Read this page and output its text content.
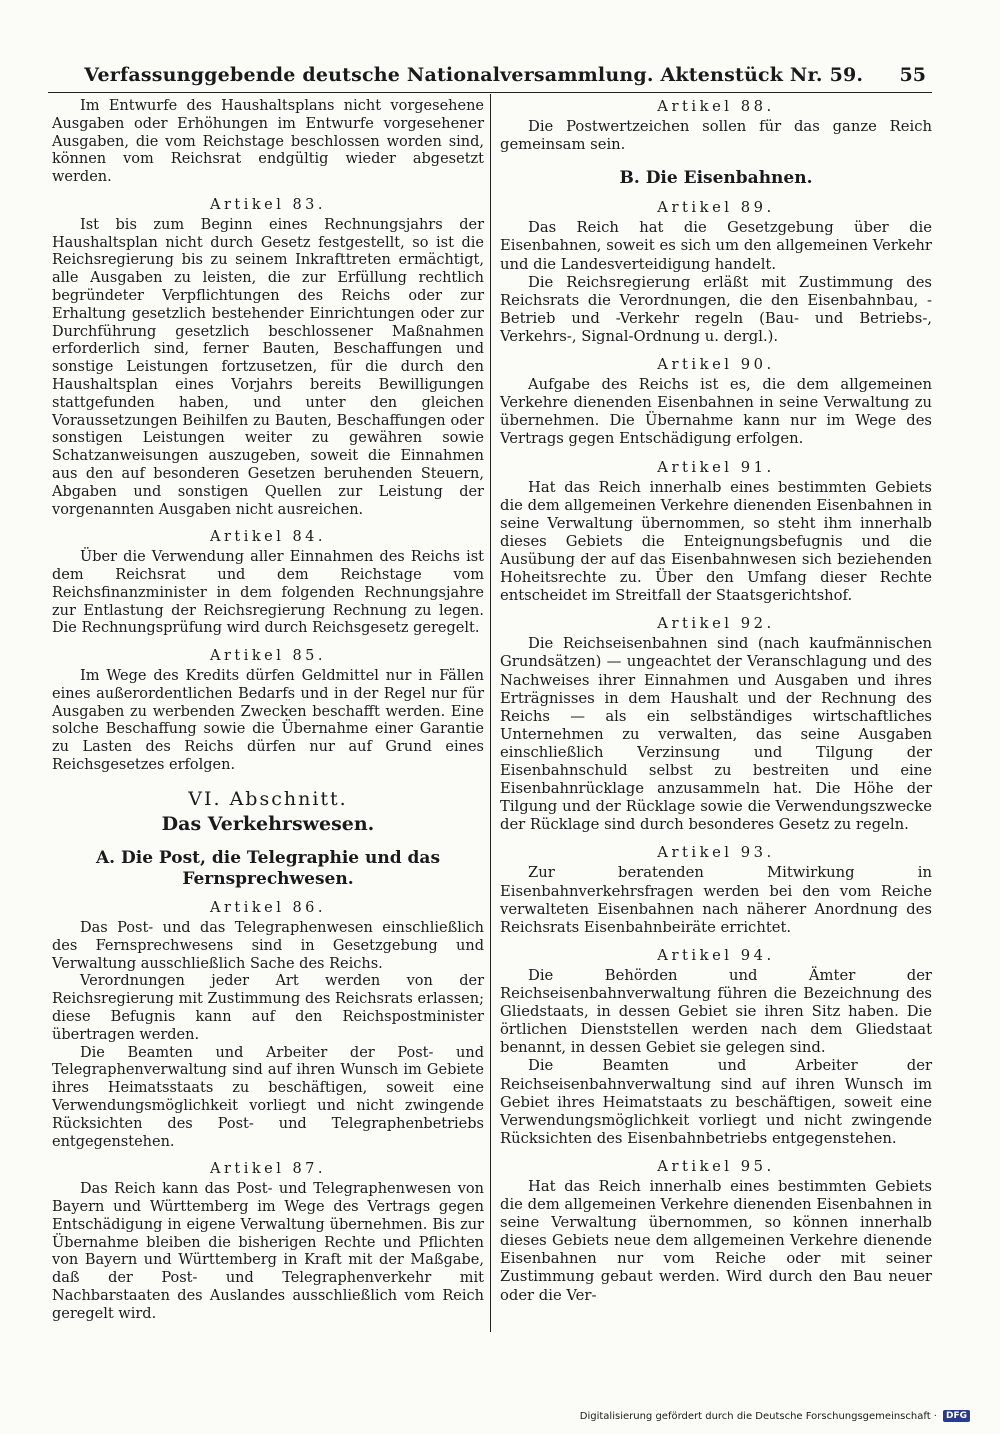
Verfassunggebende deutsche Nationalversammlung. Aktenstück Nr. 59.	55

Im Entwurfe des Haushaltsplans nicht vorgesehene Ausgaben oder Erhöhungen im Entwurfe vorgesehener Ausgaben, die vom Reichstage beschlossen worden sind, können vom Reichsrat endgültig wieder abgesetzt werden.

Artikel 83.

Ist bis zum Beginn eines Rechnungsjahrs der Haushaltsplan nicht durch Gesetz festgestellt, so ist die Reichsregierung bis zu seinem Inkrafttreten ermächtigt, alle Ausgaben zu leisten, die zur Erfüllung rechtlich begründeter Verpflichtungen des Reichs oder zur Erhaltung gesetzlich bestehender Einrichtungen oder zur Durchführung gesetzlich beschlossener Maßnahmen erforderlich sind, ferner Bauten, Beschaffungen und sonstige Leistungen fortzusetzen, für die durch den Haushaltsplan eines Vorjahrs bereits Bewilligungen stattgefunden haben, und unter den gleichen Voraussetzungen Beihilfen zu Bauten, Beschaffungen oder sonstigen Leistungen weiter zu gewähren sowie Schatzanweisungen auszugeben, soweit die Einnahmen aus den auf besonderen Gesetzen beruhenden Steuern, Abgaben und sonstigen Quellen zur Leistung der vorgenannten Ausgaben nicht ausreichen.

Artikel 84.

Über die Verwendung aller Einnahmen des Reichs ist dem Reichsrat und dem Reichstage vom Reichsfinanzminister in dem folgenden Rechnungsjahre zur Entlastung der Reichsregierung Rechnung zu legen. Die Rechnungsprüfung wird durch Reichsgesetz geregelt.

Artikel 85.

Im Wege des Kredits dürfen Geldmittel nur in Fällen eines außerordentlichen Bedarfs und in der Regel nur für Ausgaben zu werbenden Zwecken beschafft werden. Eine solche Beschaffung sowie die Übernahme einer Garantie zu Lasten des Reichs dürfen nur auf Grund eines Reichsgesetzes erfolgen.

VI. Abschnitt.

Das Verkehrswesen.

A. Die Post, die Telegraphie und das Fernsprechwesen.

Artikel 86.

Das Post- und das Telegraphenwesen einschließlich des Fernsprechwesens sind in Gesetzgebung und Verwaltung ausschließlich Sache des Reichs.

Verordnungen jeder Art werden von der Reichsregierung mit Zustimmung des Reichsrats erlassen; diese Befugnis kann auf den Reichspostminister übertragen werden.

Die Beamten und Arbeiter der Post- und Telegraphenverwaltung sind auf ihren Wunsch im Gebiete ihres Heimatsstaats zu beschäftigen, soweit eine Verwendungsmöglichkeit vorliegt und nicht zwingende Rücksichten des Post- und Telegraphenbetriebs entgegenstehen.

Artikel 87.

Das Reich kann das Post- und Telegraphenwesen von Bayern und Württemberg im Wege des Vertrags gegen Entschädigung in eigene Verwaltung übernehmen. Bis zur Übernahme bleiben die bisherigen Rechte und Pflichten von Bayern und Württemberg in Kraft mit der Maßgabe, daß der Post- und Telegraphenverkehr mit Nachbarstaaten des Auslandes ausschließlich vom Reich geregelt wird.

Artikel 88.

Die Postwertzeichen sollen für das ganze Reich gemeinsam sein.

B. Die Eisenbahnen.

Artikel 89.

Das Reich hat die Gesetzgebung über die Eisenbahnen, soweit es sich um den allgemeinen Verkehr und die Landesverteidigung handelt.

Die Reichsregierung erläßt mit Zustimmung des Reichsrats die Verordnungen, die den Eisenbahnbau, -Betrieb und -Verkehr regeln (Bau- und Betriebs-, Verkehrs-, Signal-Ordnung u. dergl.).

Artikel 90.

Aufgabe des Reichs ist es, die dem allgemeinen Verkehre dienenden Eisenbahnen in seine Verwaltung zu übernehmen. Die Übernahme kann nur im Wege des Vertrags gegen Entschädigung erfolgen.

Artikel 91.

Hat das Reich innerhalb eines bestimmten Gebiets die dem allgemeinen Verkehre dienenden Eisenbahnen in seine Verwaltung übernommen, so steht ihm innerhalb dieses Gebiets die Enteignungsbefugnis und die Ausübung der auf das Eisenbahnwesen sich beziehenden Hoheitsrechte zu. Über den Umfang dieser Rechte entscheidet im Streitfall der Staatsgerichtshof.

Artikel 92.

Die Reichseisenbahnen sind (nach kaufmännischen Grundsätzen) — ungeachtet der Veranschlagung und des Nachweises ihrer Einnahmen und Ausgaben und ihres Erträgnisses in dem Haushalt und der Rechnung des Reichs — als ein selbständiges wirtschaftliches Unternehmen zu verwalten, das seine Ausgaben einschließlich Verzinsung und Tilgung der Eisenbahnschuld selbst zu bestreiten und eine Eisenbahnrücklage anzusammeln hat. Die Höhe der Tilgung und der Rücklage sowie die Verwendungszwecke der Rücklage sind durch besonderes Gesetz zu regeln.

Artikel 93.

Zur beratenden Mitwirkung in Eisenbahnverkehrsfragen werden bei den vom Reiche verwalteten Eisenbahnen nach näherer Anordnung des Reichsrats Eisenbahnbeiräte errichtet.

Artikel 94.

Die Behörden und Ämter der Reichseisenbahnverwaltung führen die Bezeichnung des Gliedstaats, in dessen Gebiet sie ihren Sitz haben. Die örtlichen Dienststellen werden nach dem Gliedstaat benannt, in dessen Gebiet sie gelegen sind.

Die Beamten und Arbeiter der Reichseisenbahnverwaltung sind auf ihren Wunsch im Gebiet ihres Heimatstaats zu beschäftigen, soweit eine Verwendungsmöglichkeit vorliegt und nicht zwingende Rücksichten des Eisenbahnbetriebs entgegenstehen.

Artikel 95.

Hat das Reich innerhalb eines bestimmten Gebiets die dem allgemeinen Verkehre dienenden Eisenbahnen in seine Verwaltung übernommen, so können innerhalb dieses Gebiets neue dem allgemeinen Verkehre dienende Eisenbahnen nur vom Reiche oder mit seiner Zustimmung gebaut werden. Wird durch den Bau neuer oder die Ver-

Digitalisierung gefördert durch die Deutsche Forschungsgemeinschaft ·	DFG
